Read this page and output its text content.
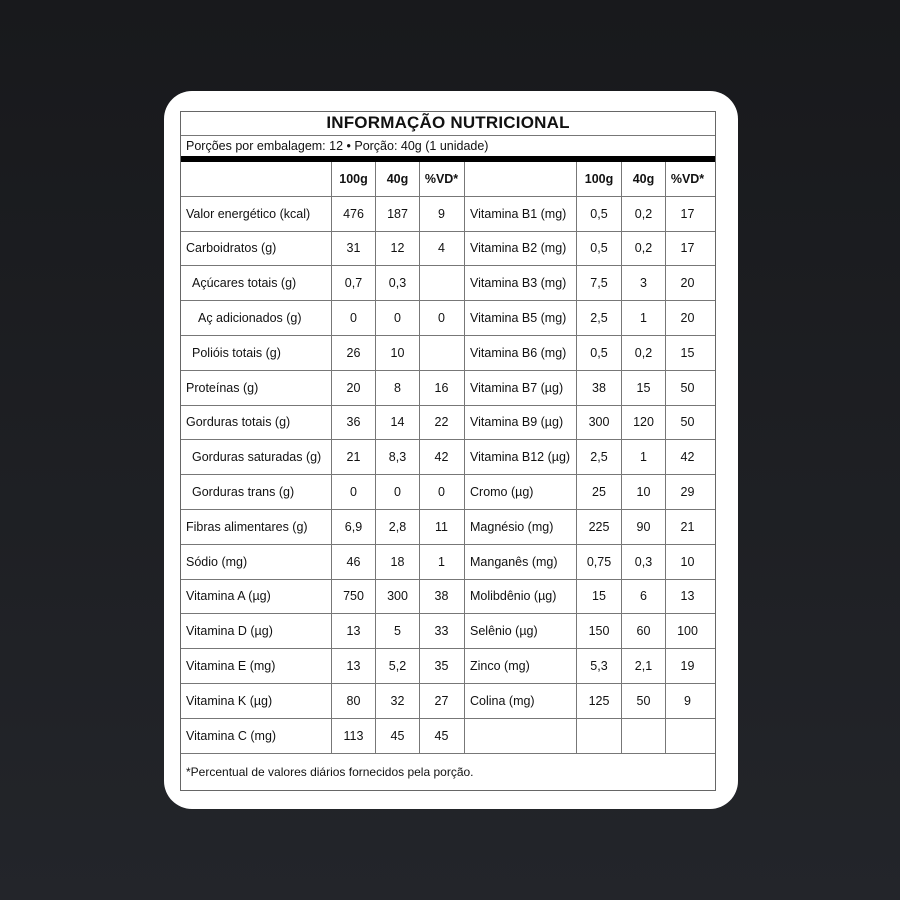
INFORMAÇÃO NUTRICIONAL
Porções por embalagem: 12 • Porção: 40g (1 unidade)
100g	40g	%VD*
Valor energético (kcal)	476	187	9
Carboidratos (g)	31	12	4
Açúcares totais (g)	0,7	0,3
Aç adicionados (g)	0	0	0
Polióis totais (g)	26	10
Proteínas (g)	20	8	16
Gorduras totais (g)	36	14	22
Gorduras saturadas (g)	21	8,3	42
Gorduras trans (g)	0	0	0
Fibras alimentares (g)	6,9	2,8	11
Sódio (mg)	46	18	1
Vitamina A (µg)	750	300	38
Vitamina D (µg)	13	5	33
Vitamina E (mg)	13	5,2	35
Vitamina K (µg)	80	32	27
Vitamina C (mg)	113	45	45
100g	40g	%VD*
Vitamina B1 (mg)	0,5	0,2	17
Vitamina B2 (mg)	0,5	0,2	17
Vitamina B3 (mg)	7,5	3	20
Vitamina B5 (mg)	2,5	1	20
Vitamina B6 (mg)	0,5	0,2	15
Vitamina B7 (µg)	38	15	50
Vitamina B9 (µg)	300	120	50
Vitamina B12 (µg)	2,5	1	42
Cromo (µg)	25	10	29
Magnésio (mg)	225	90	21
Manganês (mg)	0,75	0,3	10
Molibdênio (µg)	15	6	13
Selênio (µg)	150	60	100
Zinco (mg)	5,3	2,1	19
Colina (mg)	125	50	9
*Percentual de valores diários fornecidos pela porção.
